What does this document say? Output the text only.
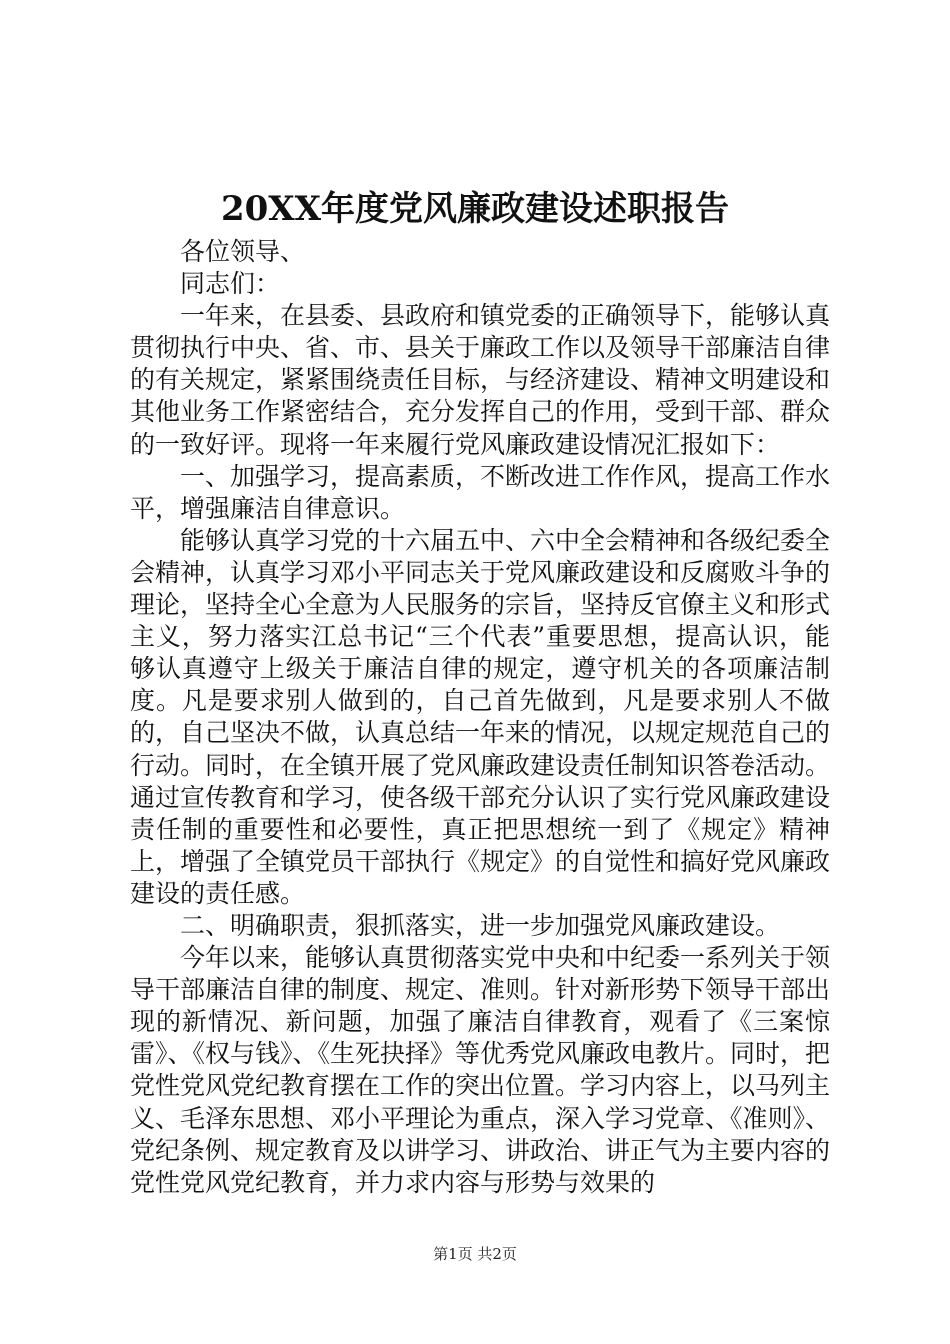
20XX年度党风廉政建设述职报告

各位领导、

同志们：

一年来，在县委、县政府和镇党委的正确领导下，能够认真贯彻执行中央、省、市、县关于廉政工作以及领导干部廉洁自律的有关规定，紧紧围绕责任目标，与经济建设、精神文明建设和其他业务工作紧密结合，充分发挥自己的作用，受到干部、群众的一致好评。现将一年来履行党风廉政建设情况汇报如下：

一、加强学习，提高素质，不断改进工作作风，提高工作水平，增强廉洁自律意识。

能够认真学习党的十六届五中、六中全会精神和各级纪委全会精神，认真学习邓小平同志关于党风廉政建设和反腐败斗争的理论，坚持全心全意为人民服务的宗旨，坚持反官僚主义和形式主义，努力落实江总书记“三个代表”重要思想，提高认识，能够认真遵守上级关于廉洁自律的规定，遵守机关的各项廉洁制度。凡是要求别人做到的，自己首先做到，凡是要求别人不做的，自己坚决不做，认真总结一年来的情况，以规定规范自己的行动。同时，在全镇开展了党风廉政建设责任制知识答卷活动。通过宣传教育和学习，使各级干部充分认识了实行党风廉政建设责任制的重要性和必要性，真正把思想统一到了《规定》精神上，增强了全镇党员干部执行《规定》的自觉性和搞好党风廉政建设的责任感。

二、明确职责，狠抓落实，进一步加强党风廉政建设。

今年以来，能够认真贯彻落实党中央和中纪委一系列关于领导干部廉洁自律的制度、规定、准则。针对新形势下领导干部出现的新情况、新问题，加强了廉洁自律教育，观看了《三案惊雷》、《权与钱》、《生死抉择》等优秀党风廉政电教片。同时，把党性党风党纪教育摆在工作的突出位置。学习内容上，以马列主义、毛泽东思想、邓小平理论为重点，深入学习党章、《准则》、党纪条例、规定教育及以讲学习、讲政治、讲正气为主要内容的党性党风党纪教育，并力求内容与形势与效果的

第1页 共2页
